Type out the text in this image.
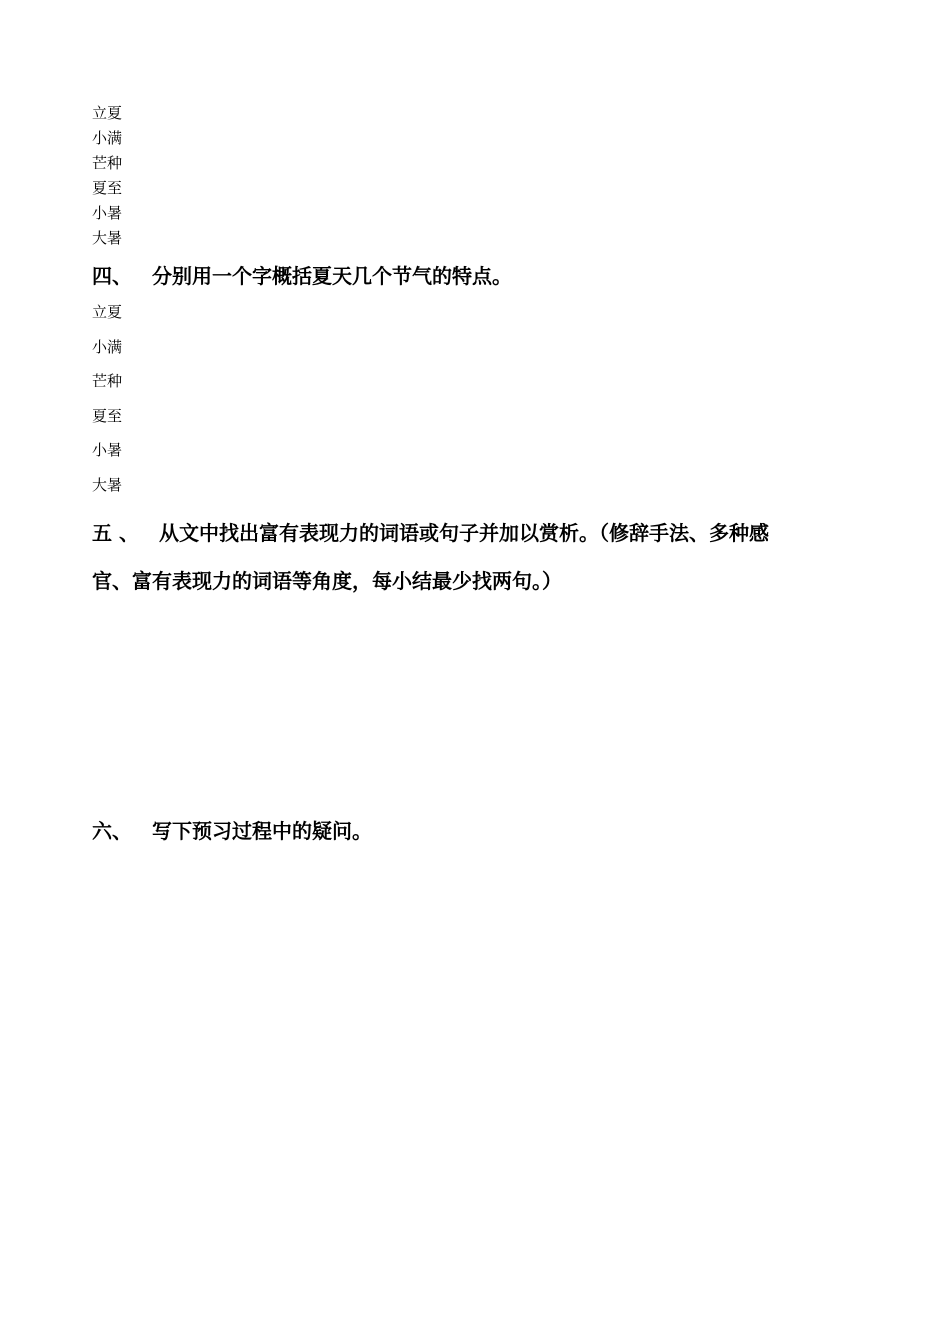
立夏
小满
芒种
夏至
小暑
大暑
四、 分别用一个字概括夏天几个节气的特点。
立夏
小满
芒种
夏至
小暑
大暑
五 、 从文中找出富有表现力的词语或句子并加以赏析。（修辞手法、多种感
官、富有表现力的词语等角度，每小结最少找两句。）
六、 写下预习过程中的疑问。
